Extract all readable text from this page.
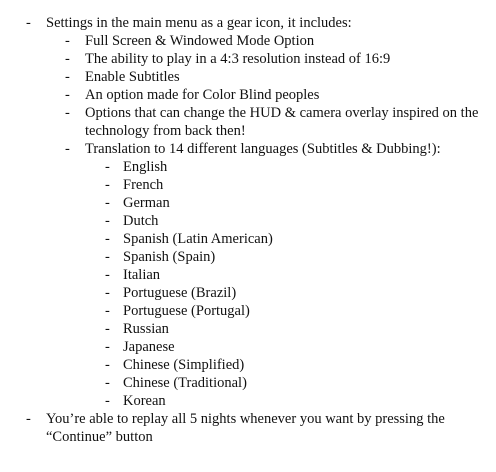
-	Settings in the main menu as a gear icon, it includes:
-	Full Screen & Windowed Mode Option
-	The ability to play in a 4:3 resolution instead of 16:9
-	Enable Subtitles
-	An option made for Color Blind peoples
-	Options that can change the HUD & camera overlay inspired on the technology from back then!
-	Translation to 14 different languages (Subtitles & Dubbing!):
- English
- French
- German
- Dutch
- Spanish (Latin American)
- Spanish (Spain)
- Italian
- Portuguese (Brazil)
- Portuguese (Portugal)
- Russian
- Japanese
- Chinese (Simplified)
- Chinese (Traditional)
- Korean
-	You’re able to replay all 5 nights whenever you want by pressing the “Continue” button
